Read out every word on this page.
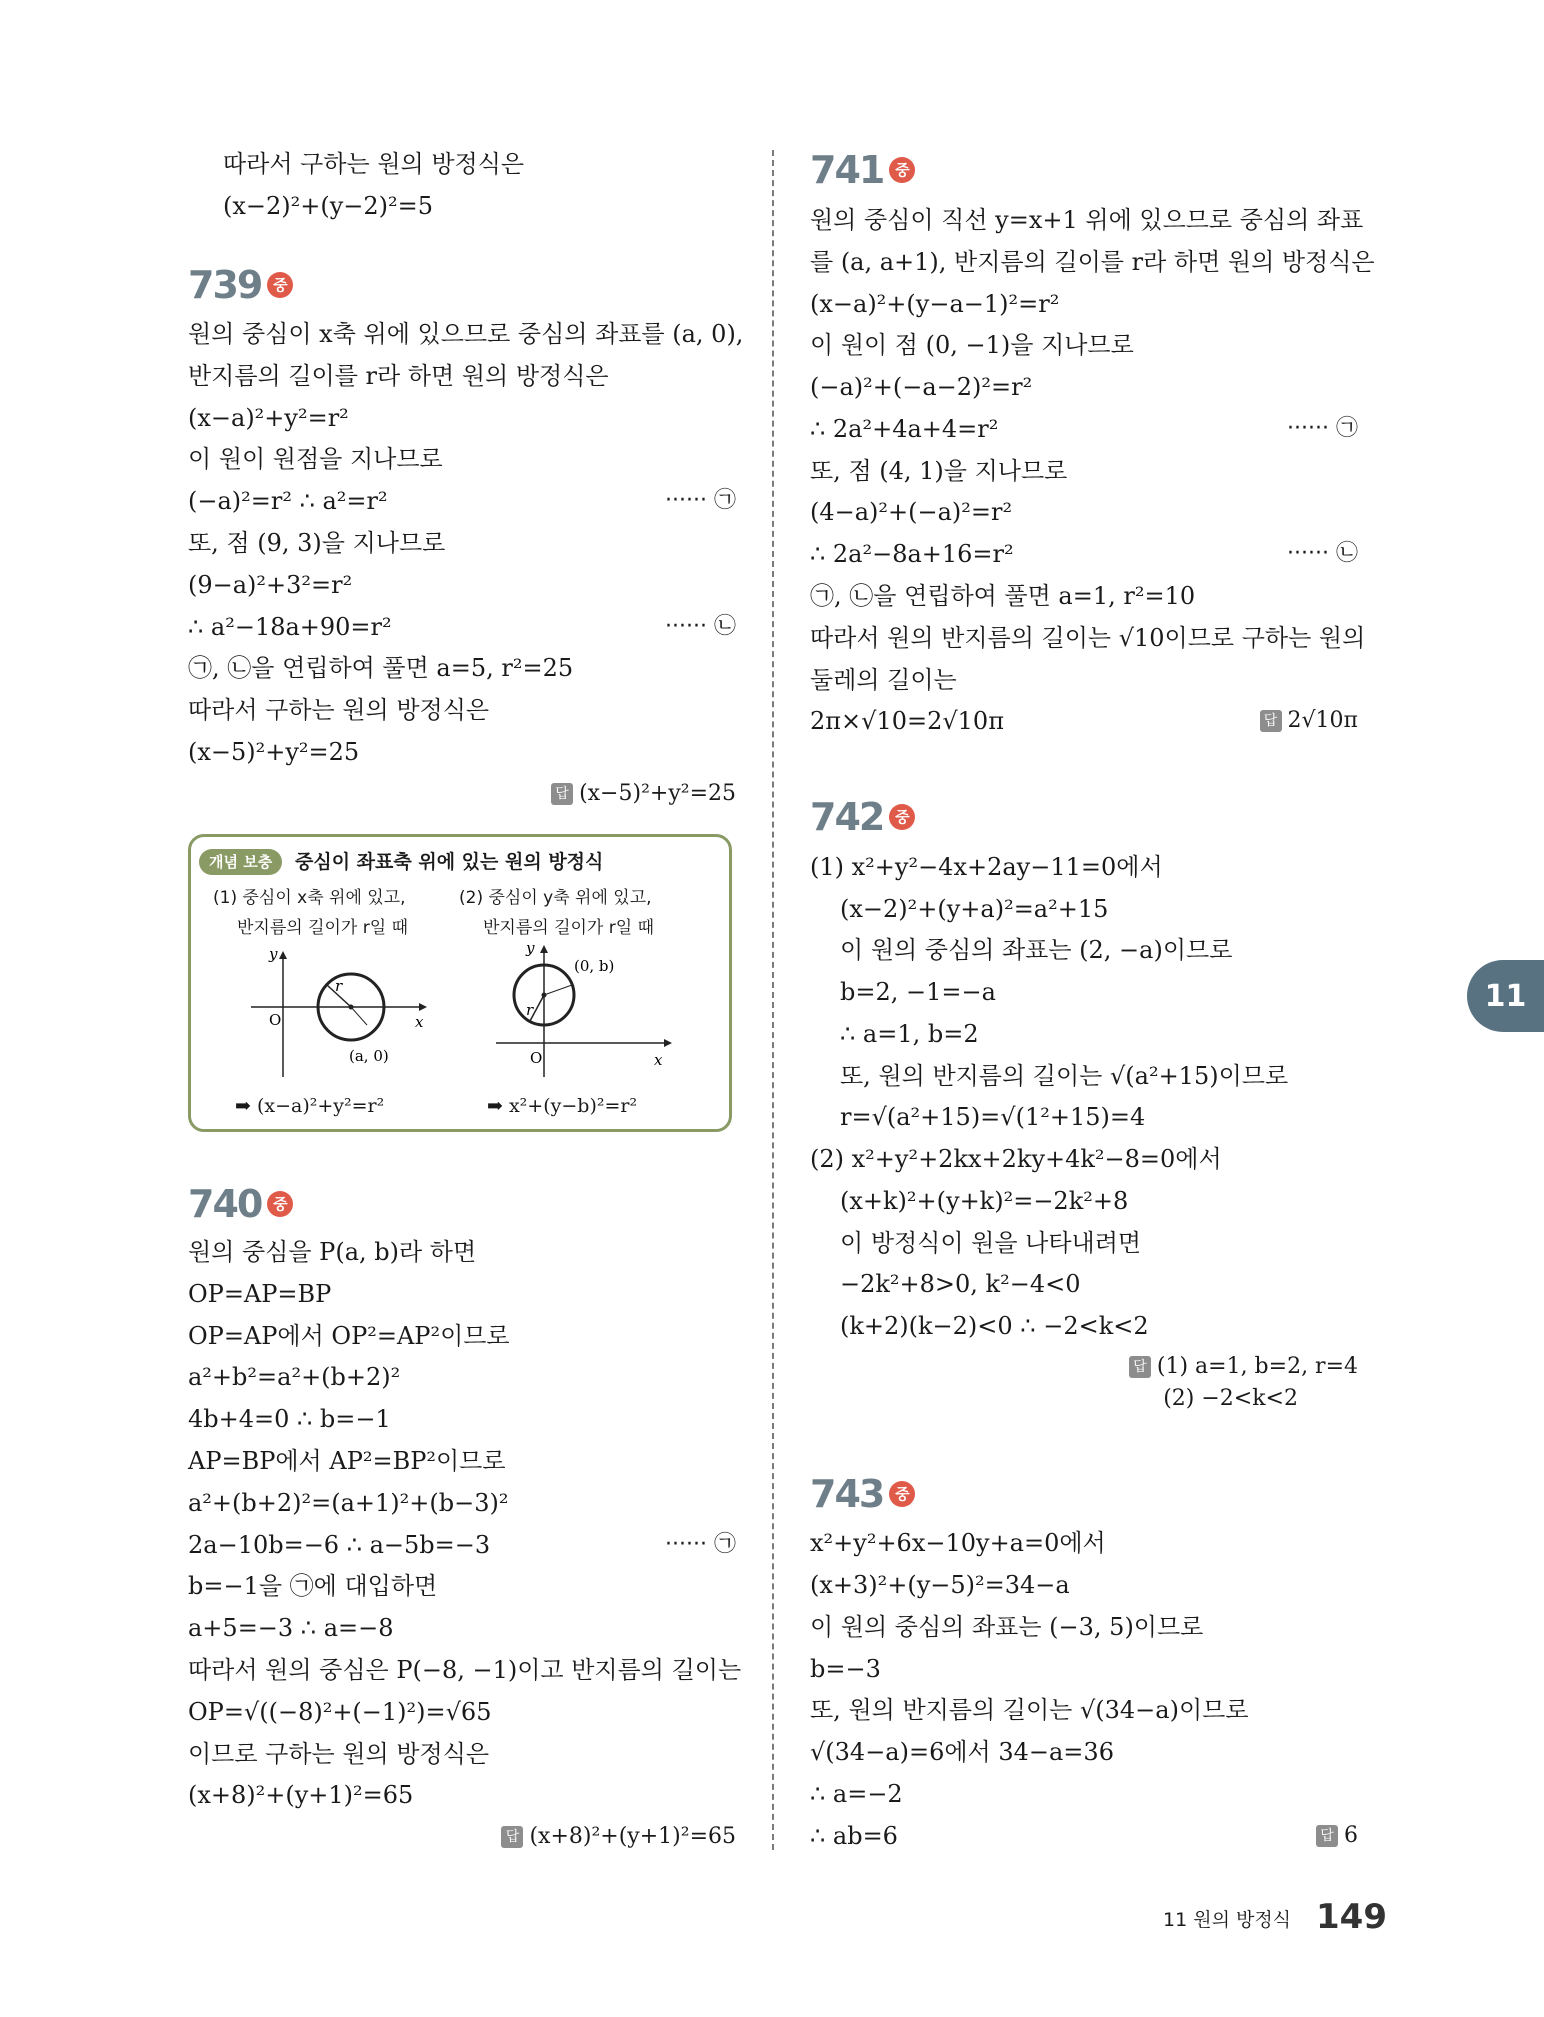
따라서 구하는 원의 방정식은
(x−2)²+(y−2)²=5
739 중
원의 중심이 x축 위에 있으므로 중심의 좌표를 (a, 0),
반지름의 길이를 r라 하면 원의 방정식은
(x−a)²+y²=r²
이 원이 원점을 지나므로
(−a)²=r² ∴ a²=r²	······ ㉠
또, 점 (9, 3)을 지나므로
(9−a)²+3²=r²
∴ a²−18a+90=r²	······ ㉡
㉠, ㉡을 연립하여 풀면 a=5, r²=25
따라서 구하는 원의 방정식은
(x−5)²+y²=25
답 (x−5)²+y²=25
개념 보충	중심이 좌표축 위에 있는 원의 방정식
(1) 중심이 x축 위에 있고,
반지름의 길이가 r일 때
(2) 중심이 y축 위에 있고,
반지름의 길이가 r일 때
r
y
x
O
(a, 0)
r
y
x
O
(0, b)
➡ (x−a)²+y²=r²	➡ x²+(y−b)²=r²
740 중
원의 중심을 P(a, b)라 하면
OP=AP=BP
OP=AP에서 OP²=AP²이므로
a²+b²=a²+(b+2)²
4b+4=0 ∴ b=−1
AP=BP에서 AP²=BP²이므로
a²+(b+2)²=(a+1)²+(b−3)²
2a−10b=−6 ∴ a−5b=−3	······ ㉠
b=−1을 ㉠에 대입하면
a+5=−3 ∴ a=−8
따라서 원의 중심은 P(−8, −1)이고 반지름의 길이는
OP=√((−8)²+(−1)²)=√65
이므로 구하는 원의 방정식은
(x+8)²+(y+1)²=65
답 (x+8)²+(y+1)²=65
741 중
원의 중심이 직선 y=x+1 위에 있으므로 중심의 좌표
를 (a, a+1), 반지름의 길이를 r라 하면 원의 방정식은
(x−a)²+(y−a−1)²=r²
이 원이 점 (0, −1)을 지나므로
(−a)²+(−a−2)²=r²
∴ 2a²+4a+4=r²	······ ㉠
또, 점 (4, 1)을 지나므로
(4−a)²+(−a)²=r²
∴ 2a²−8a+16=r²	······ ㉡
㉠, ㉡을 연립하여 풀면 a=1, r²=10
따라서 원의 반지름의 길이는 √10이므로 구하는 원의
둘레의 길이는
2π×√10=2√10π	답 2√10π
742 중
(1) x²+y²−4x+2ay−11=0에서
(x−2)²+(y+a)²=a²+15
이 원의 중심의 좌표는 (2, −a)이므로
b=2, −1=−a
∴ a=1, b=2
또, 원의 반지름의 길이는 √(a²+15)이므로
r=√(a²+15)=√(1²+15)=4
(2) x²+y²+2kx+2ky+4k²−8=0에서
(x+k)²+(y+k)²=−2k²+8
이 방정식이 원을 나타내려면
−2k²+8>0, k²−4<0
(k+2)(k−2)<0 ∴ −2<k<2
답 (1) a=1, b=2, r=4
(2) −2<k<2
743 중
x²+y²+6x−10y+a=0에서
(x+3)²+(y−5)²=34−a
이 원의 중심의 좌표는 (−3, 5)이므로
b=−3
또, 원의 반지름의 길이는 √(34−a)이므로
√(34−a)=6에서 34−a=36
∴ a=−2
∴ ab=6	답 6
11
11 원의 방정식 149
